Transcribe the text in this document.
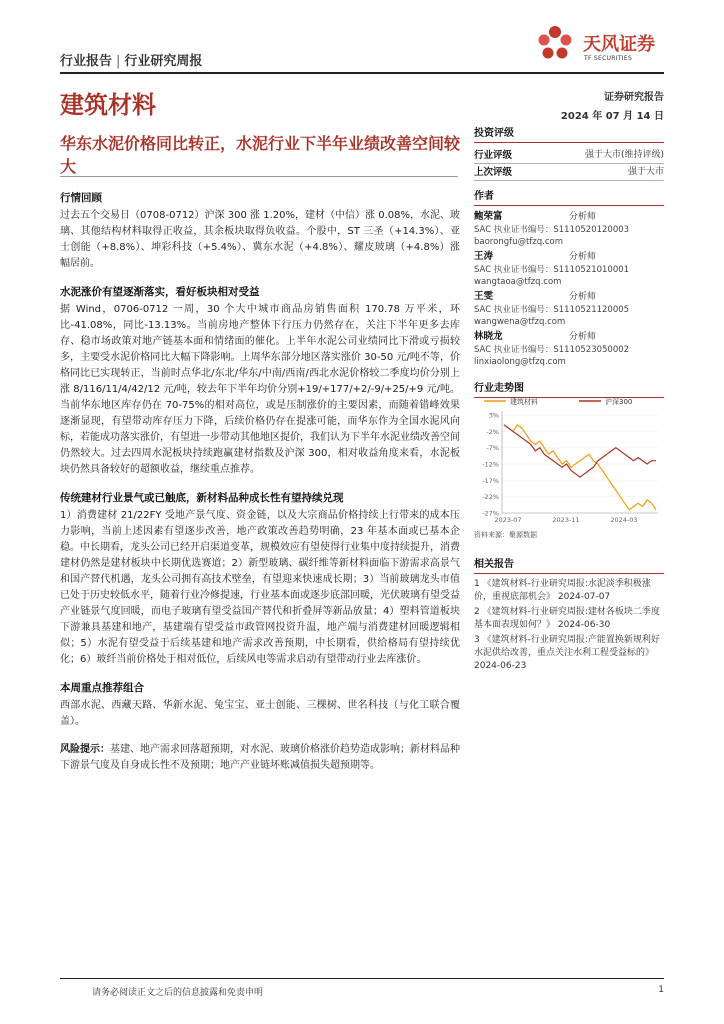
行业报告 | 行业研究周报
天风证券
TF SECURITIES
建筑材料	证券研究报告
2024 年 07 月 14 日
华东水泥价格同比转正，水泥行业下半年业绩改善空间较大
行情回顾
过去五个交易日（0708-0712）沪深 300 涨 1.20%，建材（中信）涨 0.08%，水泥、玻璃、其他结构材料取得正收益，其余板块取得负收益。个股中，ST 三圣（+14.3%）、亚士创能（+8.8%）、坤彩科技（+5.4%）、冀东水泥（+4.8%）、耀皮玻璃（+4.8%）涨幅居前。
水泥涨价有望逐渐落实，看好板块相对受益
据 Wind，0706-0712 一周，30 个大中城市商品房销售面积 170.78 万平米，环比-41.08%，同比-13.13%。当前房地产整体下行压力仍然存在，关注下半年更多去库存、稳市场政策对地产链基本面和情绪面的催化。上半年水泥公司业绩同比下滑或亏损较多，主要受水泥价格同比大幅下降影响。上周华东部分地区落实涨价 30-50 元/吨不等，价格同比已实现转正，当前时点华北/东北/华东/中南/西南/西北水泥价格较二季度均价分别上涨 8/116/11/4/42/12 元/吨，较去年下半年均价分别+19/+177/+2/-9/+25/+9 元/吨。当前华东地区库存仍在 70-75%的相对高位，或是压制涨价的主要因素，而随着错峰效果逐渐显现，有望带动库存压力下降，后续价格仍存在提涨可能，而华东作为全国水泥风向标，若能成功落实涨价，有望进一步带动其他地区提价，我们认为下半年水泥业绩改善空间仍然较大。过去四周水泥板块持续跑赢建材指数及沪深 300，相对收益角度来看，水泥板块仍然具备较好的超额收益，继续重点推荐。
传统建材行业景气或已触底，新材料品种成长性有望持续兑现
1）消费建材 21/22FY 受地产景气度、资金链，以及大宗商品价格持续上行带来的成本压力影响，当前上述因素有望逐步改善，地产政策改善趋势明确，23 年基本面或已基本企稳。中长期看，龙头公司已经开启渠道变革，规模效应有望使得行业集中度持续提升，消费建材仍然是建材板块中长期优选赛道；2）新型玻璃、碳纤维等新材料面临下游需求高景气和国产替代机遇，龙头公司拥有高技术壁垒，有望迎来快速成长期；3）当前玻璃龙头市值已处于历史较低水平，随着行业冷修提速，行业基本面或逐步底部回暖，光伏玻璃有望受益产业链景气度回暖，而电子玻璃有望受益国产替代和折叠屏等新品放量；4）塑料管道板块下游兼具基建和地产，基建端有望受益市政管网投资升温，地产端与消费建材回暖逻辑相似；5）水泥有望受益于后续基建和地产需求改善预期，中长期看，供给格局有望持续优化；6）玻纤当前价格处于相对低位，后续风电等需求启动有望带动行业去库涨价。
本周重点推荐组合
西部水泥、西藏天路、华新水泥、兔宝宝、亚士创能、三棵树、世名科技（与化工联合覆盖）。
风险提示：基建、地产需求回落超预期，对水泥、玻璃价格涨价趋势造成影响；新材料品种下游景气度及自身成长性不及预期；地产产业链坏账减值损失超预期等。
投资评级
行业评级	强于大市(维持评级)
上次评级	强于大市
作者
鲍荣富	分析师
SAC 执业证书编号：S1110520120003
baorongfu@tfzq.com
王涛	分析师
SAC 执业证书编号：S1110521010001
wangtaoa@tfzq.com
王雯	分析师
SAC 执业证书编号：S1110521120005
wangwena@tfzq.com
林晓龙	分析师
SAC 执业证书编号：S1110523050002
linxiaolong@tfzq.com
行业走势图
建筑材料	沪深300
3%
-2%
-7%
-12%
-17%
-22%
-27%
2023-07	2023-11	2024-03
资料来源：聚源数据
相关报告
1 《建筑材料-行业研究周报:水泥淡季积极涨价，重视底部机会》 2024-07-07
2 《建筑材料-行业研究周报:建材各板块二季度基本面表现如何？》 2024-06-30
3 《建筑材料-行业研究周报:产能置换新规利好水泥供给改善，重点关注水利工程受益标的》 2024-06-23
请务必阅读正文之后的信息披露和免责申明	1
